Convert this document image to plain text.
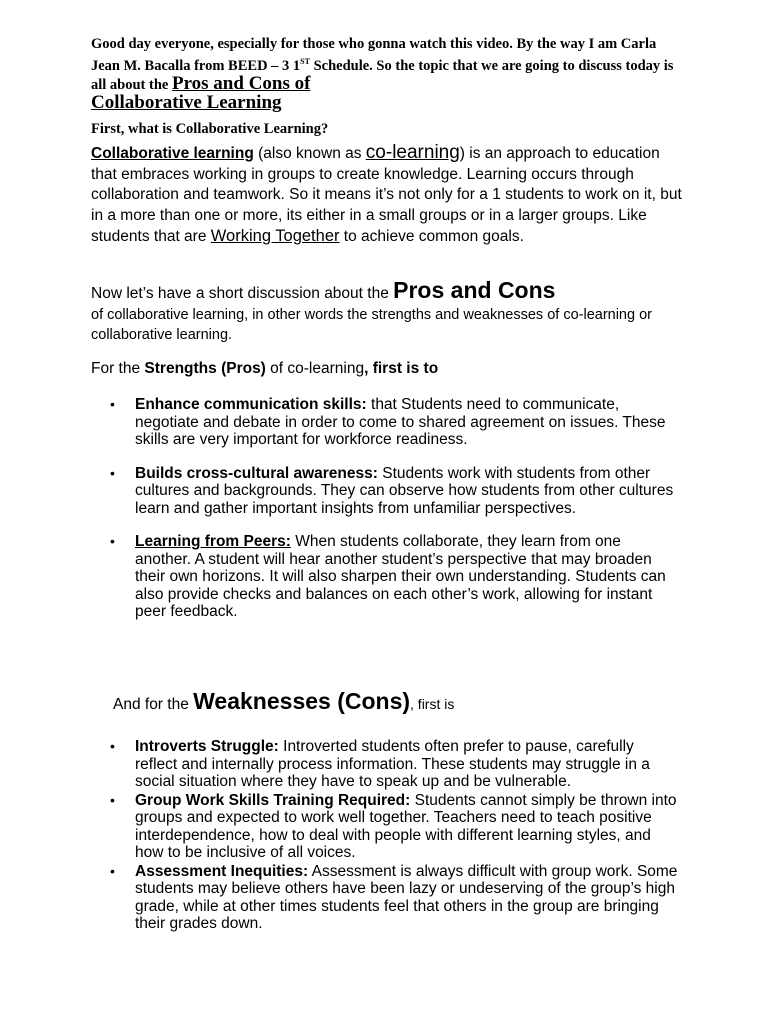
Good day everyone, especially for those who gonna watch this video. By the way I am Carla Jean M. Bacalla from BEED – 3 1ST Schedule. So the topic that we are going to discuss today is all about the Pros and Cons of
Collaborative Learning
First, what is Collaborative Learning?
Collaborative learning (also known as co-learning) is an approach to education that embraces working in groups to create knowledge. Learning occurs through collaboration and teamwork. So it means it’s not only for a 1 students to work on it, but in a more than one or more, its either in a small groups or in a larger groups. Like students that are Working Together to achieve common goals.
Now let’s have a short discussion about the Pros and Cons
of collaborative learning, in other words the strengths and weaknesses of co-learning or collaborative learning.
For the Strengths (Pros) of co-learning, first is to
• Enhance communication skills: that Students need to communicate, negotiate and debate in order to come to shared agreement on issues. These skills are very important for workforce readiness.
• Builds cross-cultural awareness: Students work with students from other cultures and backgrounds. They can observe how students from other cultures learn and gather important insights from unfamiliar perspectives.
• Learning from Peers: When students collaborate, they learn from one another. A student will hear another student’s perspective that may broaden their own horizons. It will also sharpen their own understanding. Students can also provide checks and balances on each other’s work, allowing for instant peer feedback.
And for the Weaknesses (Cons), first is
• Introverts Struggle: Introverted students often prefer to pause, carefully reflect and internally process information. These students may struggle in a social situation where they have to speak up and be vulnerable.
• Group Work Skills Training Required: Students cannot simply be thrown into groups and expected to work well together. Teachers need to teach positive interdependence, how to deal with people with different learning styles, and how to be inclusive of all voices.
• Assessment Inequities: Assessment is always difficult with group work. Some students may believe others have been lazy or undeserving of the group’s high grade, while at other times students feel that others in the group are bringing their grades down.
